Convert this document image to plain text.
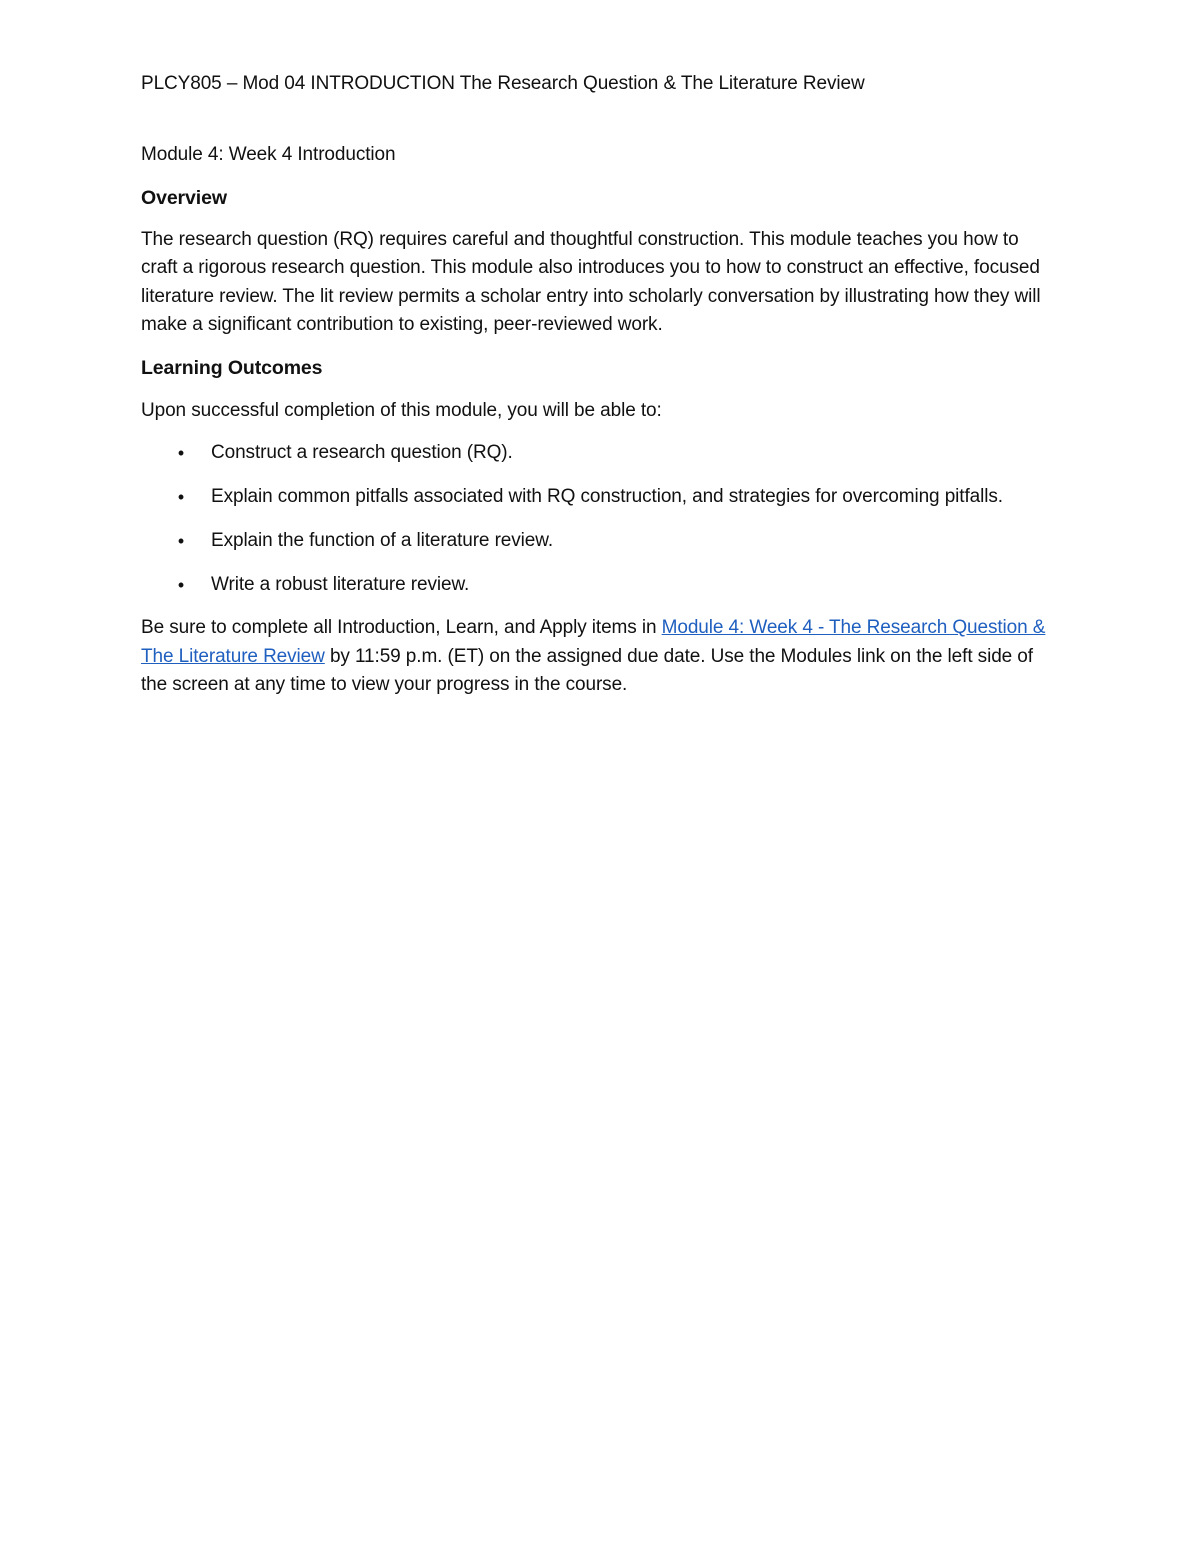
PLCY805 – Mod 04 INTRODUCTION The Research Question & The Literature Review

Module 4: Week 4 Introduction

Overview

The research question (RQ) requires careful and thoughtful construction. This module teaches you how to craft a rigorous research question. This module also introduces you to how to construct an effective, focused literature review. The lit review permits a scholar entry into scholarly conversation by illustrating how they will make a significant contribution to existing, peer-reviewed work.

Learning Outcomes

Upon successful completion of this module, you will be able to:

• Construct a research question (RQ).
• Explain common pitfalls associated with RQ construction, and strategies for overcoming pitfalls.
• Explain the function of a literature review.
• Write a robust literature review.

Be sure to complete all Introduction, Learn, and Apply items in Module 4: Week 4 - The Research Question & The Literature Review by 11:59 p.m. (ET) on the assigned due date. Use the Modules link on the left side of the screen at any time to view your progress in the course.
